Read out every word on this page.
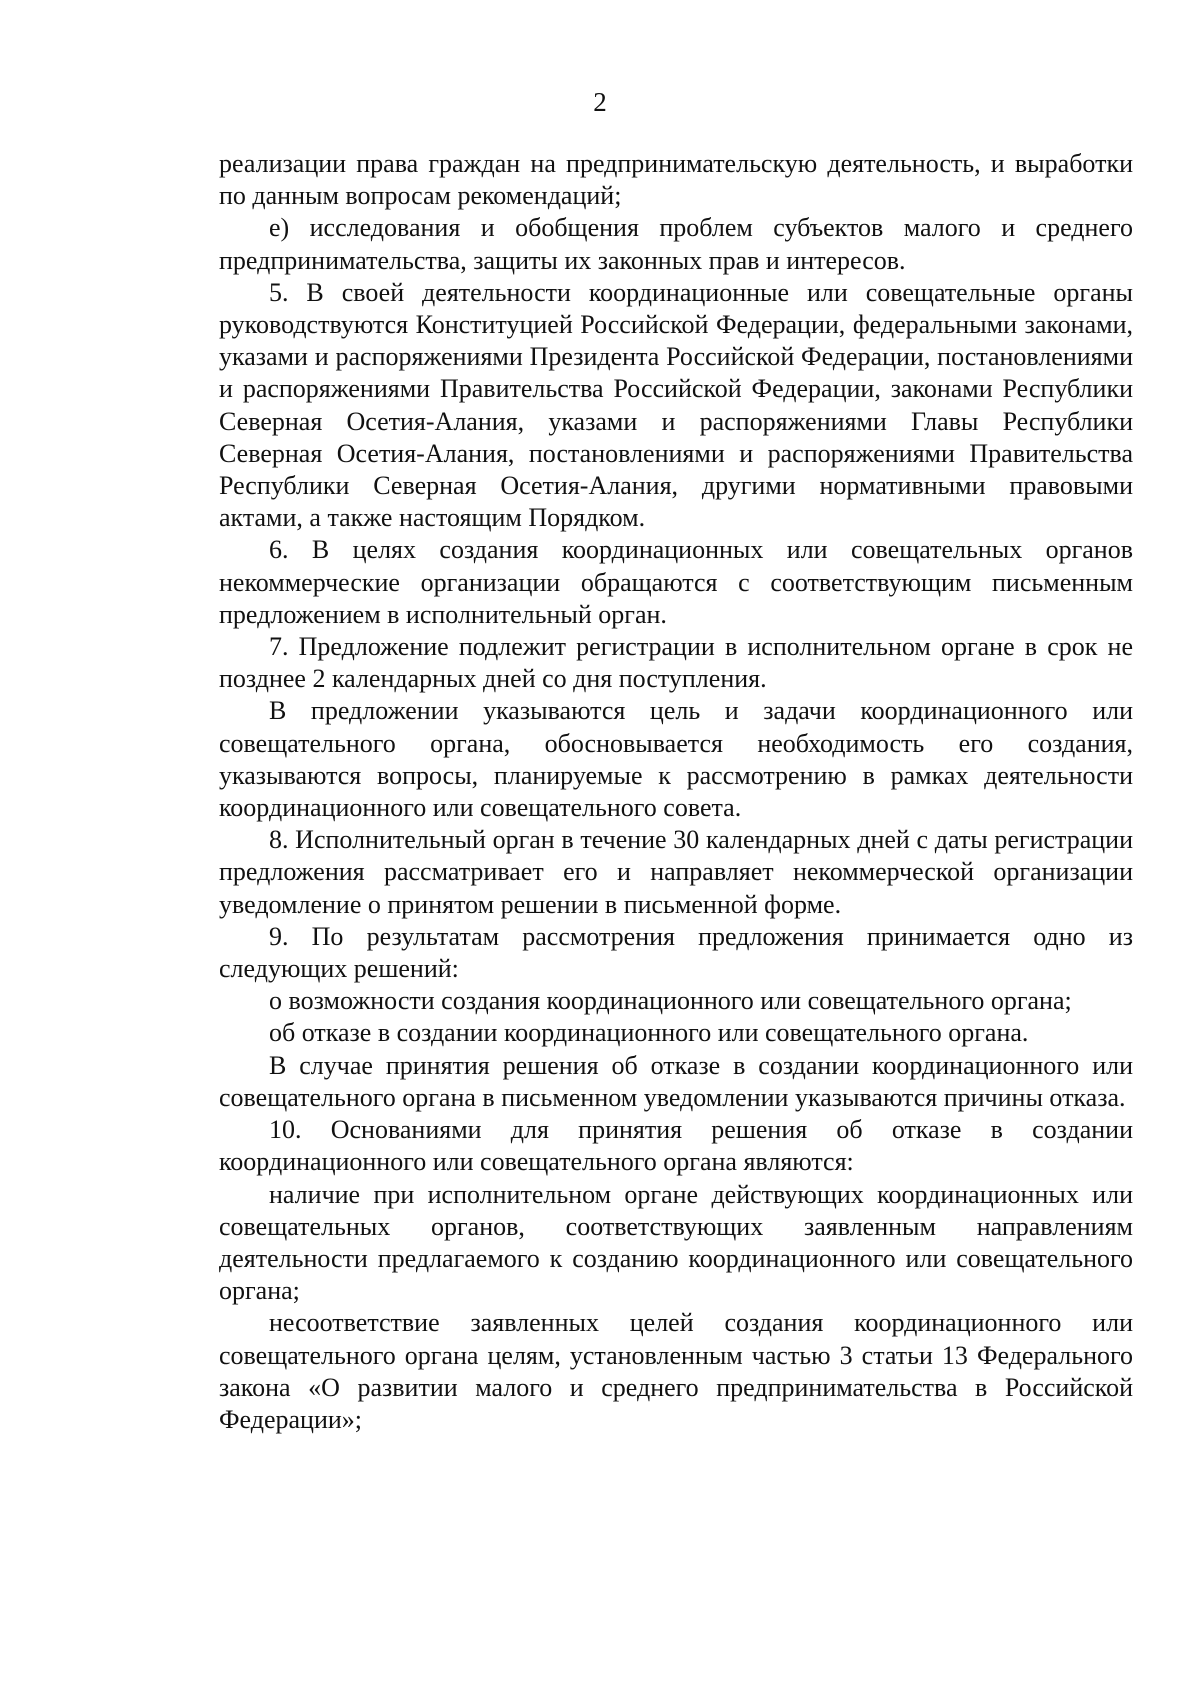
2

реализации права граждан на предпринимательскую деятельность, и выработки по данным вопросам рекомендаций;

е) исследования и обобщения проблем субъектов малого и среднего предпринимательства, защиты их законных прав и интересов.

5. В своей деятельности координационные или совещательные органы руководствуются Конституцией Российской Федерации, федеральными законами, указами и распоряжениями Президента Российской Федерации, постановлениями и распоряжениями Правительства Российской Федерации, законами Республики Северная Осетия-Алания, указами и распоряжениями Главы Республики Северная Осетия-Алания, постановлениями и распоряжениями Правительства Республики Северная Осетия-Алания, другими нормативными правовыми актами, а также настоящим Порядком.

6. В целях создания координационных или совещательных органов некоммерческие организации обращаются с соответствующим письменным предложением в исполнительный орган.

7. Предложение подлежит регистрации в исполнительном органе в срок не позднее 2 календарных дней со дня поступления.

В предложении указываются цель и задачи координационного или совещательного органа, обосновывается необходимость его создания, указываются вопросы, планируемые к рассмотрению в рамках деятельности координационного или совещательного совета.

8. Исполнительный орган в течение 30 календарных дней с даты регистрации предложения рассматривает его и направляет некоммерческой организации уведомление о принятом решении в письменной форме.

9. По результатам рассмотрения предложения принимается одно из следующих решений:

о возможности создания координационного или совещательного органа;

об отказе в создании координационного или совещательного органа.

В случае принятия решения об отказе в создании координационного или совещательного органа в письменном уведомлении указываются причины отказа.

10. Основаниями для принятия решения об отказе в создании координационного или совещательного органа являются:

наличие при исполнительном органе действующих координационных или совещательных органов, соответствующих заявленным направлениям деятельности предлагаемого к созданию координационного или совещательного органа;

несоответствие заявленных целей создания координационного или совещательного органа целям, установленным частью 3 статьи 13 Федерального закона «О развитии малого и среднего предпринимательства в Российской Федерации»;
